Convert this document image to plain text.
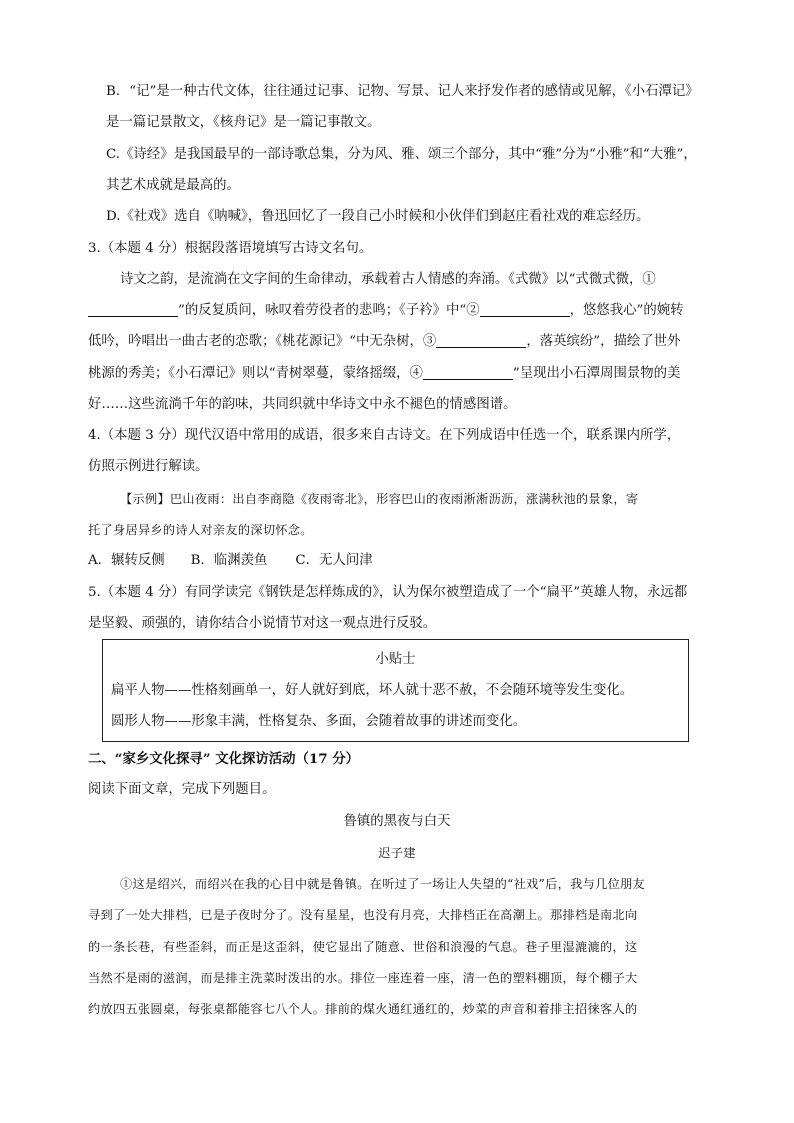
B．“记”是一种古代文体，往往通过记事、记物、写景、记人来抒发作者的感情或见解，《小石潭记》
是一篇记景散文，《核舟记》是一篇记事散文。
C.《诗经》是我国最早的一部诗歌总集，分为风、雅、颂三个部分，其中“雅”分为“小雅”和“大雅”，
其艺术成就是最高的。
D.《社戏》选自《呐喊》，鲁迅回忆了一段自己小时候和小伙伴们到赵庄看社戏的难忘经历。
3.（本题 4 分）根据段落语境填写古诗文名句。
诗文之韵，是流淌在文字间的生命律动，承载着古人情感的奔涌。《式微》以“式微式微，①
”的反复质问，咏叹着劳役者的悲鸣；《子衿》中“②	，悠悠我心”的婉转
低吟，吟唱出一曲古老的恋歌；《桃花源记》“中无杂树，③	，落英缤纷”，描绘了世外
桃源的秀美；《小石潭记》则以“青树翠蔓，蒙络摇缀，④	”呈现出小石潭周围景物的美
好……这些流淌千年的韵味，共同织就中华诗文中永不褪色的情感图谱。
4.（本题 3 分）现代汉语中常用的成语，很多来自古诗文。在下列成语中任选一个，联系课内所学，
仿照示例进行解读。
【示例】巴山夜雨：出自李商隐《夜雨寄北》，形容巴山的夜雨淅淅沥沥，涨满秋池的景象，寄
托了身居异乡的诗人对亲友的深切怀念。
A．辗转反侧 B．临渊羡鱼 C．无人问津
5.（本题 4 分）有同学读完《钢铁是怎样炼成的》，认为保尔被塑造成了一个“扁平”英雄人物，永远都
是坚毅、顽强的，请你结合小说情节对这一观点进行反驳。
小贴士
扁平人物——性格刻画单一，好人就好到底，坏人就十恶不赦，不会随环境等发生变化。
圆形人物——形象丰满，性格复杂、多面，会随着故事的讲述而变化。
二、“家乡文化探寻” 文化探访活动（17 分）
阅读下面文章，完成下列题目。
鲁镇的黑夜与白天
迟子建
①这是绍兴，而绍兴在我的心目中就是鲁镇。在听过了一场让人失望的“社戏”后，我与几位朋友
寻到了一处大排档，已是子夜时分了。没有星星，也没有月亮，大排档正在高潮上。那排档是南北向
的一条长巷，有些歪斜，而正是这歪斜，使它显出了随意、世俗和浪漫的气息。巷子里湿漉漉的，这
当然不是雨的滋润，而是排主洗菜时泼出的水。排位一座连着一座，清一色的塑料棚顶，每个棚子大
约放四五张圆桌，每张桌都能容七八个人。排前的煤火通红通红的，炒菜的声音和着排主招徕客人的
